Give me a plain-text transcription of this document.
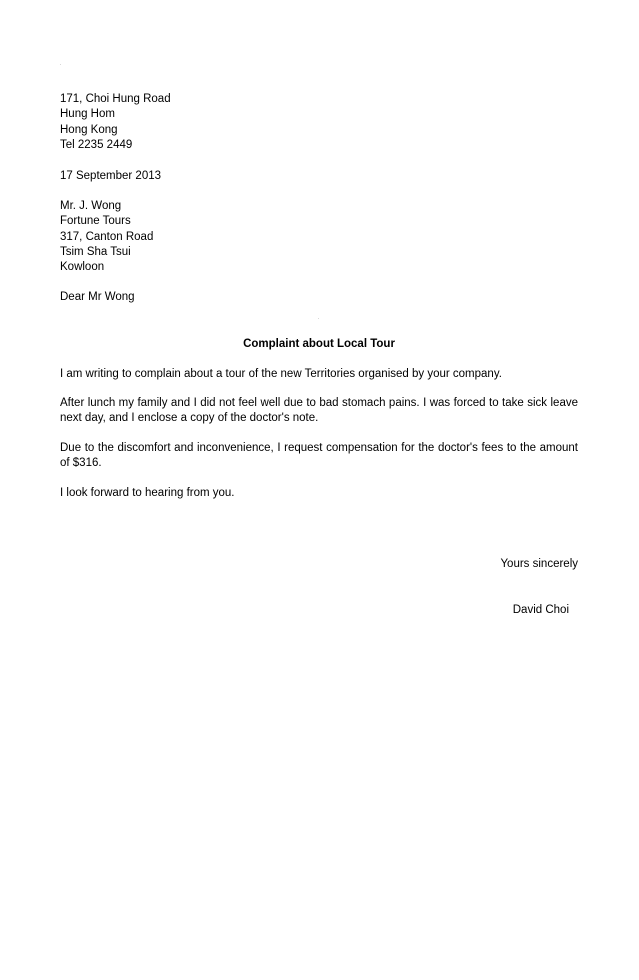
171, Choi Hung Road
Hung Hom
Hong Kong
Tel 2235 2449
17 September 2013
Mr. J. Wong
Fortune Tours
317, Canton Road
Tsim Sha Tsui
Kowloon
Dear Mr Wong
Complaint about Local Tour
I am writing to complain about a tour of the new Territories organised by your company.
After lunch my family and I did not feel well due to bad stomach pains. I was forced to take sick leave next day, and I enclose a copy of the doctor's note.
Due to the discomfort and inconvenience, I request compensation for the doctor's fees to the amount of $316.
I look forward to hearing from you.
Yours sincerely
David Choi
